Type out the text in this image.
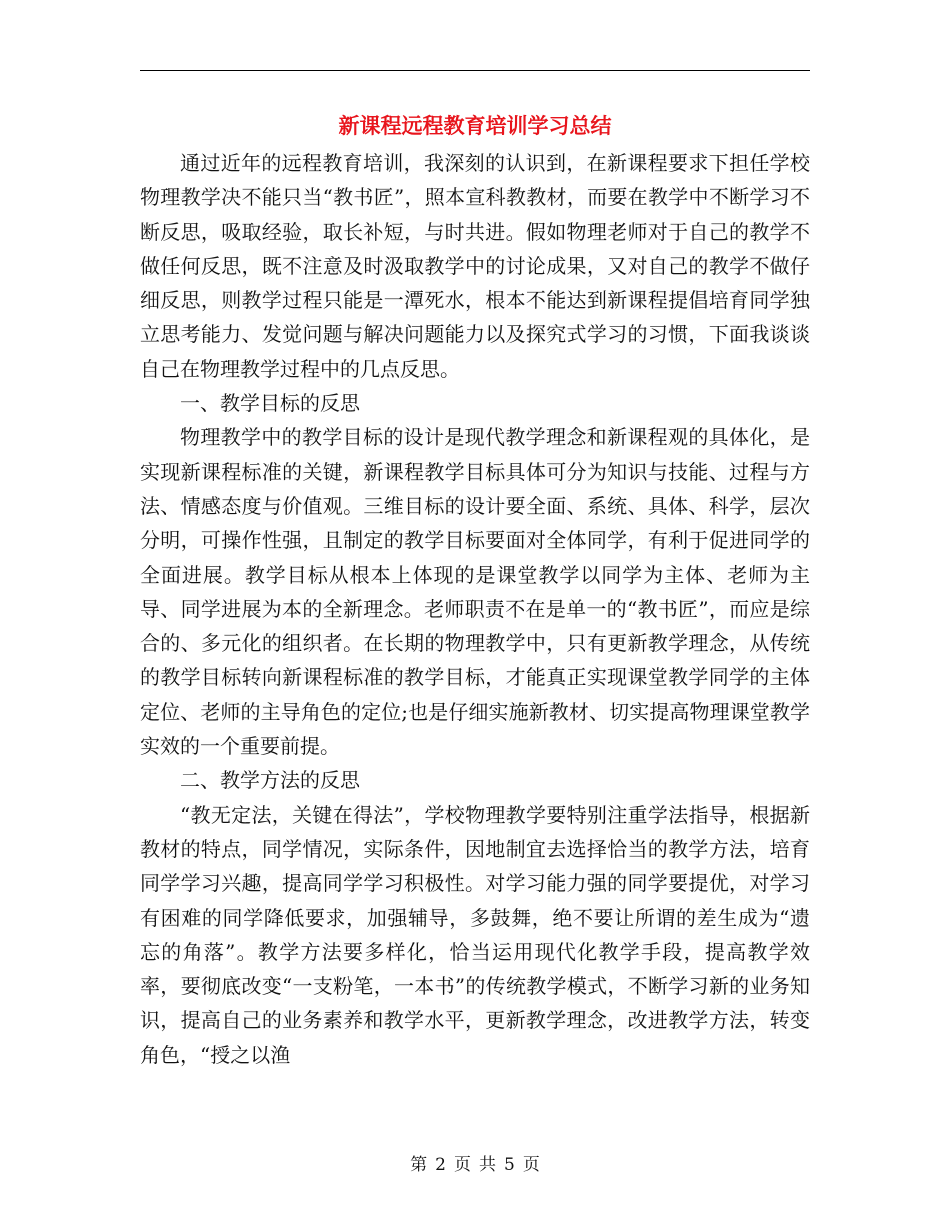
新课程远程教育培训学习总结

通过近年的远程教育培训，我深刻的认识到，在新课程要求下担任学校物理教学决不能只当“教书匠”，照本宣科教教材，而要在教学中不断学习不断反思，吸取经验，取长补短，与时共进。假如物理老师对于自己的教学不做任何反思，既不注意及时汲取教学中的讨论成果，又对自己的教学不做仔细反思，则教学过程只能是一潭死水，根本不能达到新课程提倡培育同学独立思考能力、发觉问题与解决问题能力以及探究式学习的习惯，下面我谈谈自己在物理教学过程中的几点反思。

一、教学目标的反思

物理教学中的教学目标的设计是现代教学理念和新课程观的具体化，是实现新课程标准的关键，新课程教学目标具体可分为知识与技能、过程与方法、情感态度与价值观。三维目标的设计要全面、系统、具体、科学，层次分明，可操作性强，且制定的教学目标要面对全体同学，有利于促进同学的全面进展。教学目标从根本上体现的是课堂教学以同学为主体、老师为主导、同学进展为本的全新理念。老师职责不在是单一的“教书匠”，而应是综合的、多元化的组织者。在长期的物理教学中，只有更新教学理念，从传统的教学目标转向新课程标准的教学目标，才能真正实现课堂教学同学的主体定位、老师的主导角色的定位;也是仔细实施新教材、切实提高物理课堂教学实效的一个重要前提。

二、教学方法的反思

“教无定法，关键在得法”，学校物理教学要特别注重学法指导，根据新教材的特点，同学情况，实际条件，因地制宜去选择恰当的教学方法，培育同学学习兴趣，提高同学学习积极性。对学习能力强的同学要提优，对学习有困难的同学降低要求，加强辅导，多鼓舞，绝不要让所谓的差生成为“遗忘的角落”。教学方法要多样化，恰当运用现代化教学手段，提高教学效率，要彻底改变“一支粉笔，一本书”的传统教学模式，不断学习新的业务知识，提高自己的业务素养和教学水平，更新教学理念，改进教学方法，转变角色，“授之以渔

第 2 页 共 5 页
